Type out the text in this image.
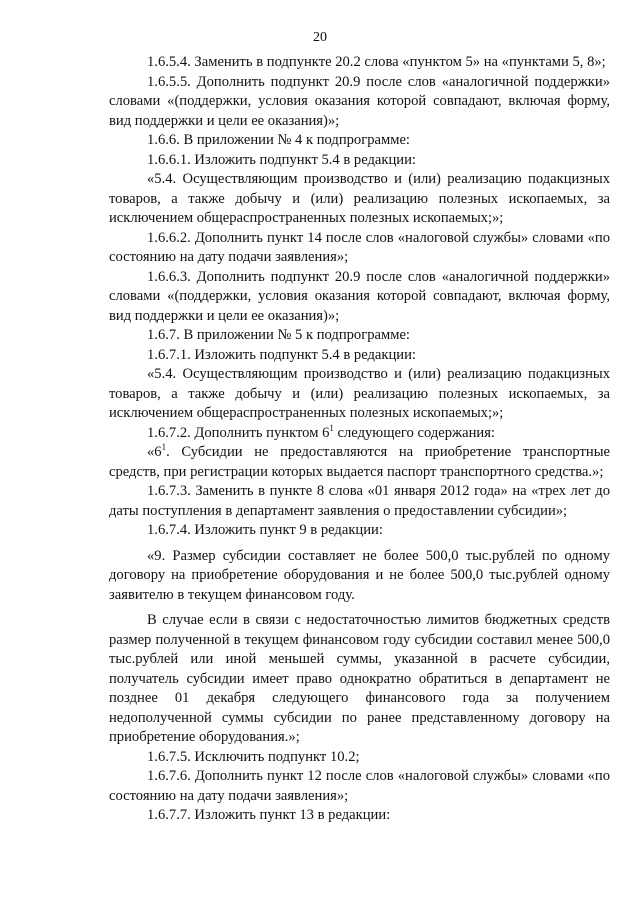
20

1.6.5.4. Заменить в подпункте 20.2 слова «пунктом 5» на «пунктами 5, 8»;

1.6.5.5. Дополнить подпункт 20.9 после слов «аналогичной поддержки» словами «(поддержки, условия оказания которой совпадают, включая форму, вид поддержки и цели ее оказания)»;

1.6.6. В приложении № 4 к подпрограмме:

1.6.6.1. Изложить подпункт 5.4 в редакции:

«5.4. Осуществляющим производство и (или) реализацию подакцизных товаров, а также добычу и (или) реализацию полезных ископаемых, за исключением общераспространенных полезных ископаемых;»;

1.6.6.2. Дополнить пункт 14 после слов «налоговой службы» словами «по состоянию на дату подачи заявления»;

1.6.6.3. Дополнить подпункт 20.9 после слов «аналогичной поддержки» словами «(поддержки, условия оказания которой совпадают, включая форму, вид поддержки и цели ее оказания)»;

1.6.7. В приложении № 5 к подпрограмме:

1.6.7.1. Изложить подпункт 5.4 в редакции:

«5.4. Осуществляющим производство и (или) реализацию подакцизных товаров, а также добычу и (или) реализацию полезных ископаемых, за исключением общераспространенных полезных ископаемых;»;

1.6.7.2. Дополнить пунктом $6^1$ следующего содержания:

«$6^1$. Субсидии не предоставляются на приобретение транспортные средств, при регистрации которых выдается паспорт транспортного средства.»;

1.6.7.3. Заменить в пункте 8 слова «01 января 2012 года» на «трех лет до даты поступления в департамент заявления о предоставлении субсидии»;

1.6.7.4. Изложить пункт 9 в редакции:

«9. Размер субсидии составляет не более 500,0 тыс.рублей по одному договору на приобретение оборудования и не более 500,0 тыс.рублей одному заявителю в текущем финансовом году.

В случае если в связи с недостаточностью лимитов бюджетных средств размер полученной в текущем финансовом году субсидии составил менее 500,0 тыс.рублей или иной меньшей суммы, указанной в расчете субсидии, получатель субсидии имеет право однократно обратиться в департамент не позднее 01 декабря следующего финансового года за получением недополученной суммы субсидии по ранее представленному договору на приобретение оборудования.»;

1.6.7.5. Исключить подпункт 10.2;

1.6.7.6. Дополнить пункт 12 после слов «налоговой службы» словами «по состоянию на дату подачи заявления»;

1.6.7.7. Изложить пункт 13 в редакции:
